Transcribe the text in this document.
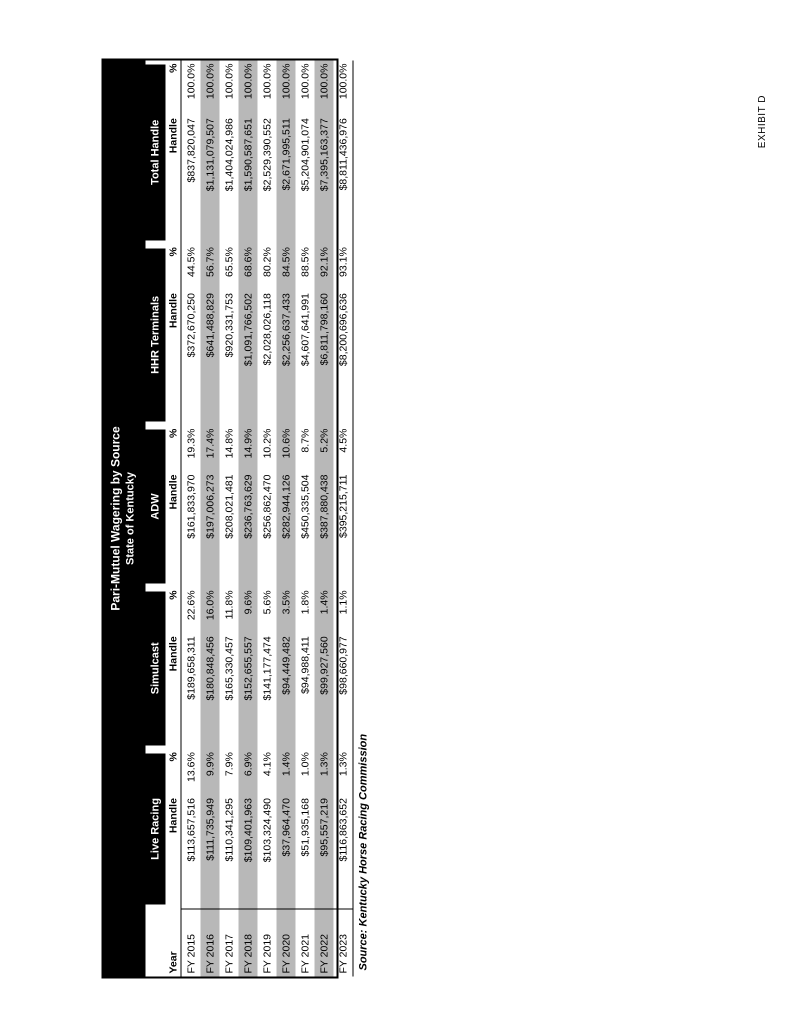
EXHIBIT D
Pari-Mutuel Wagering by Source State of Kentucky

	Live Racing		Simulcast		ADW		HHR Terminals		Total Handle	

Year	Handle	%	Handle	%	Handle	%	Handle	%	Handle	%
FY 2015	$113,657,516	13.6%	$189,658,311	22.6%	$161,833,970	19.3%	$372,670,250	44.5%	$837,820,047	100.0%
FY 2016	$111,735,949	9.9%	$180,848,456	16.0%	$197,006,273	17.4%	$641,488,829	56.7%	$1,131,079,507	100.0%
FY 2017	$110,341,295	7.9%	$165,330,457	11.8%	$208,021,481	14.8%	$920,331,753	65.5%	$1,404,024,986	100.0%
FY 2018	$109,401,963	6.9%	$152,655,557	9.6%	$236,763,629	14.9%	$1,091,766,502	68.6%	$1,590,587,651	100.0%
FY 2019	$103,324,490	4.1%	$141,177,474	5.6%	$256,862,470	10.2%	$2,028,026,118	80.2%	$2,529,390,552	100.0%
FY 2020	$37,964,470	1.4%	$94,449,482	3.5%	$282,944,126	10.6%	$2,256,637,433	84.5%	$2,671,995,511	100.0%
FY 2021	$51,935,168	1.0%	$94,988,411	1.8%	$450,335,504	8.7%	$4,607,641,991	88.5%	$5,204,901,074	100.0%
FY 2022	$95,557,219	1.3%	$99,927,560	1.4%	$387,880,438	5.2%	$6,811,798,160	92.1%	$7,395,163,377	100.0%
FY 2023	$116,863,652	1.3%	$98,660,977	1.1%	$395,215,711	4.5%	$8,200,696,636	93.1%	$8,811,436,976	100.0%
Source: Kentucky Horse Racing Commission
